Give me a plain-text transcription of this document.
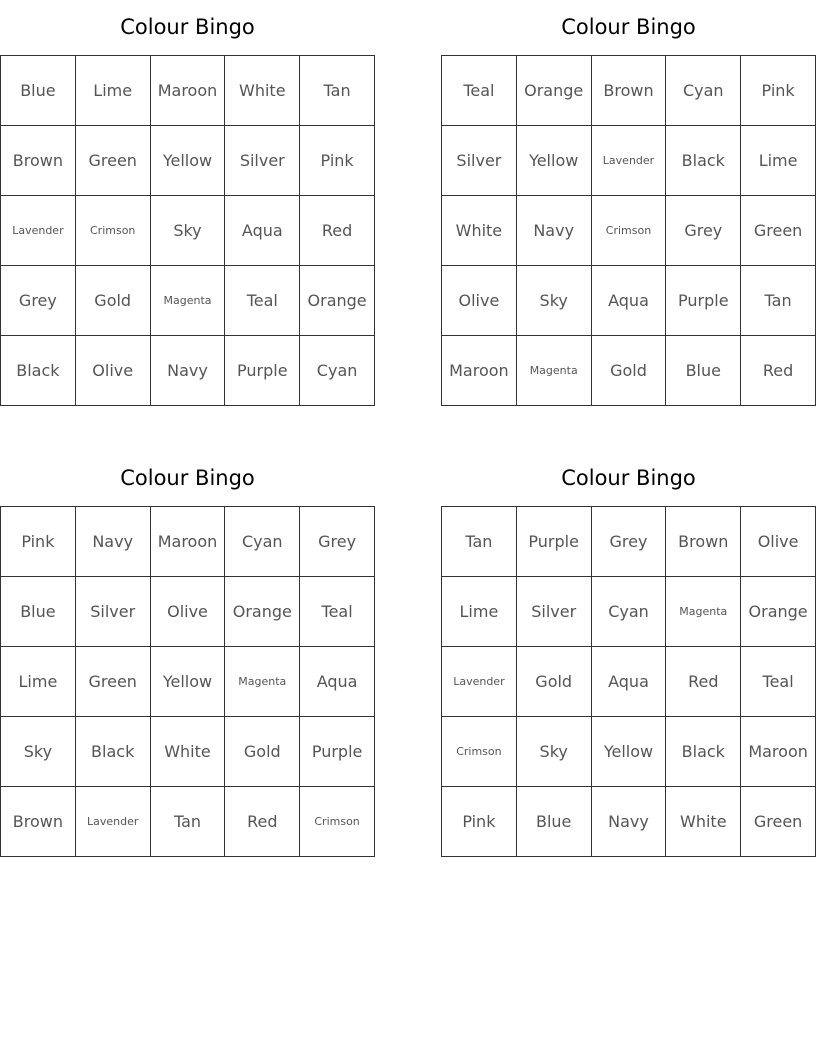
Colour Bingo
Blue	Lime	Maroon	White	Tan
Brown	Green	Yellow	Silver	Pink
Lavender	Crimson	Sky	Aqua	Red
Grey	Gold	Magenta	Teal	Orange
Black	Olive	Navy	Purple	Cyan
Colour Bingo
Teal	Orange	Brown	Cyan	Pink
Silver	Yellow	Lavender	Black	Lime
White	Navy	Crimson	Grey	Green
Olive	Sky	Aqua	Purple	Tan
Maroon	Magenta	Gold	Blue	Red
Colour Bingo
Pink	Navy	Maroon	Cyan	Grey
Blue	Silver	Olive	Orange	Teal
Lime	Green	Yellow	Magenta	Aqua
Sky	Black	White	Gold	Purple
Brown	Lavender	Tan	Red	Crimson
Colour Bingo
Tan	Purple	Grey	Brown	Olive
Lime	Silver	Cyan	Magenta	Orange
Lavender	Gold	Aqua	Red	Teal
Crimson	Sky	Yellow	Black	Maroon
Pink	Blue	Navy	White	Green
